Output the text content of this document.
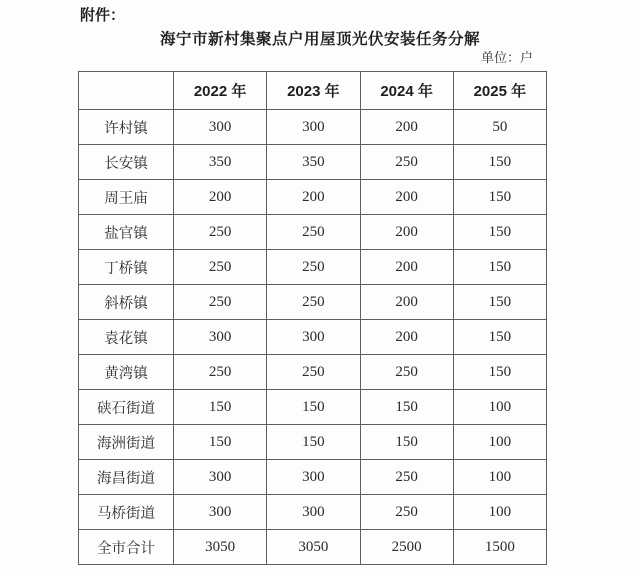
附件：
海宁市新村集聚点户用屋顶光伏安装任务分解
单位：户
	2022 年	2023 年	2024 年	2025 年
许村镇	300	300	200	50
长安镇	350	350	250	150
周王庙	200	200	200	150
盐官镇	250	250	200	150
丁桥镇	250	250	200	150
斜桥镇	250	250	200	150
袁花镇	300	300	200	150
黄湾镇	250	250	250	150
硖石街道	150	150	150	100
海洲街道	150	150	150	100
海昌街道	300	300	250	100
马桥街道	300	300	250	100
全市合计	3050	3050	2500	1500
